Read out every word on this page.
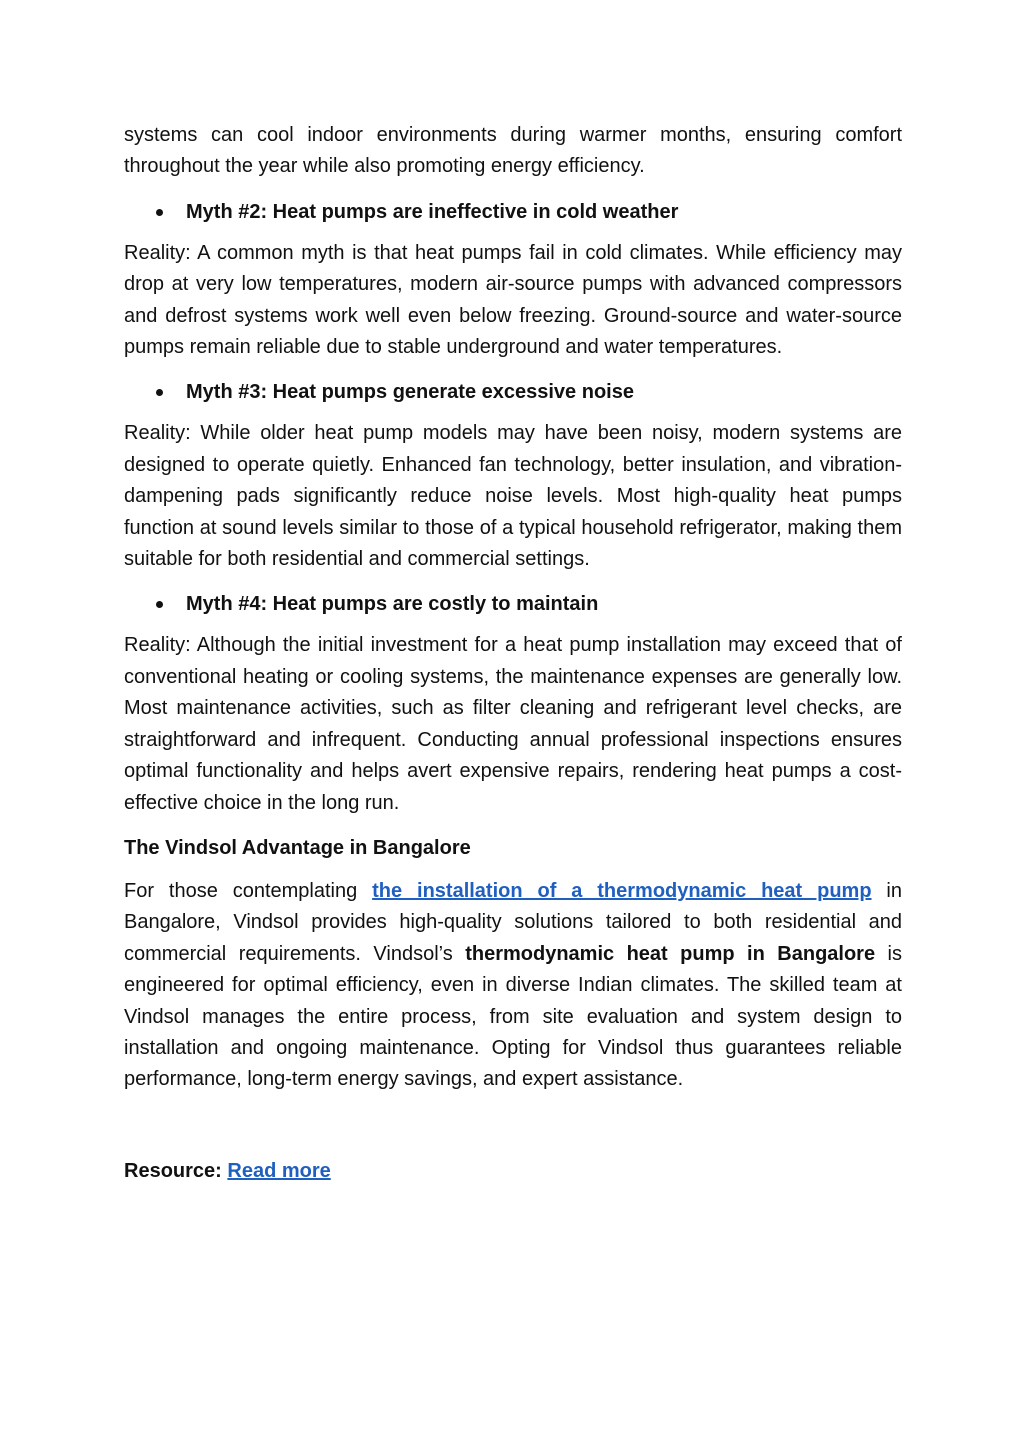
systems can cool indoor environments during warmer months, ensuring comfort throughout the year while also promoting energy efficiency.

Myth #2: Heat pumps are ineffective in cold weather

Reality: A common myth is that heat pumps fail in cold climates. While efficiency may drop at very low temperatures, modern air-source pumps with advanced compressors and defrost systems work well even below freezing. Ground-source and water-source pumps remain reliable due to stable underground and water temperatures.

Myth #3: Heat pumps generate excessive noise

Reality: While older heat pump models may have been noisy, modern systems are designed to operate quietly. Enhanced fan technology, better insulation, and vibration-dampening pads significantly reduce noise levels. Most high-quality heat pumps function at sound levels similar to those of a typical household refrigerator, making them suitable for both residential and commercial settings.

Myth #4: Heat pumps are costly to maintain

Reality: Although the initial investment for a heat pump installation may exceed that of conventional heating or cooling systems, the maintenance expenses are generally low. Most maintenance activities, such as filter cleaning and refrigerant level checks, are straightforward and infrequent. Conducting annual professional inspections ensures optimal functionality and helps avert expensive repairs, rendering heat pumps a cost-effective choice in the long run.

The Vindsol Advantage in Bangalore

For those contemplating the installation of a thermodynamic heat pump in Bangalore, Vindsol provides high-quality solutions tailored to both residential and commercial requirements. Vindsol’s thermodynamic heat pump in Bangalore is engineered for optimal efficiency, even in diverse Indian climates. The skilled team at Vindsol manages the entire process, from site evaluation and system design to installation and ongoing maintenance. Opting for Vindsol thus guarantees reliable performance, long-term energy savings, and expert assistance.

Resource: Read more
